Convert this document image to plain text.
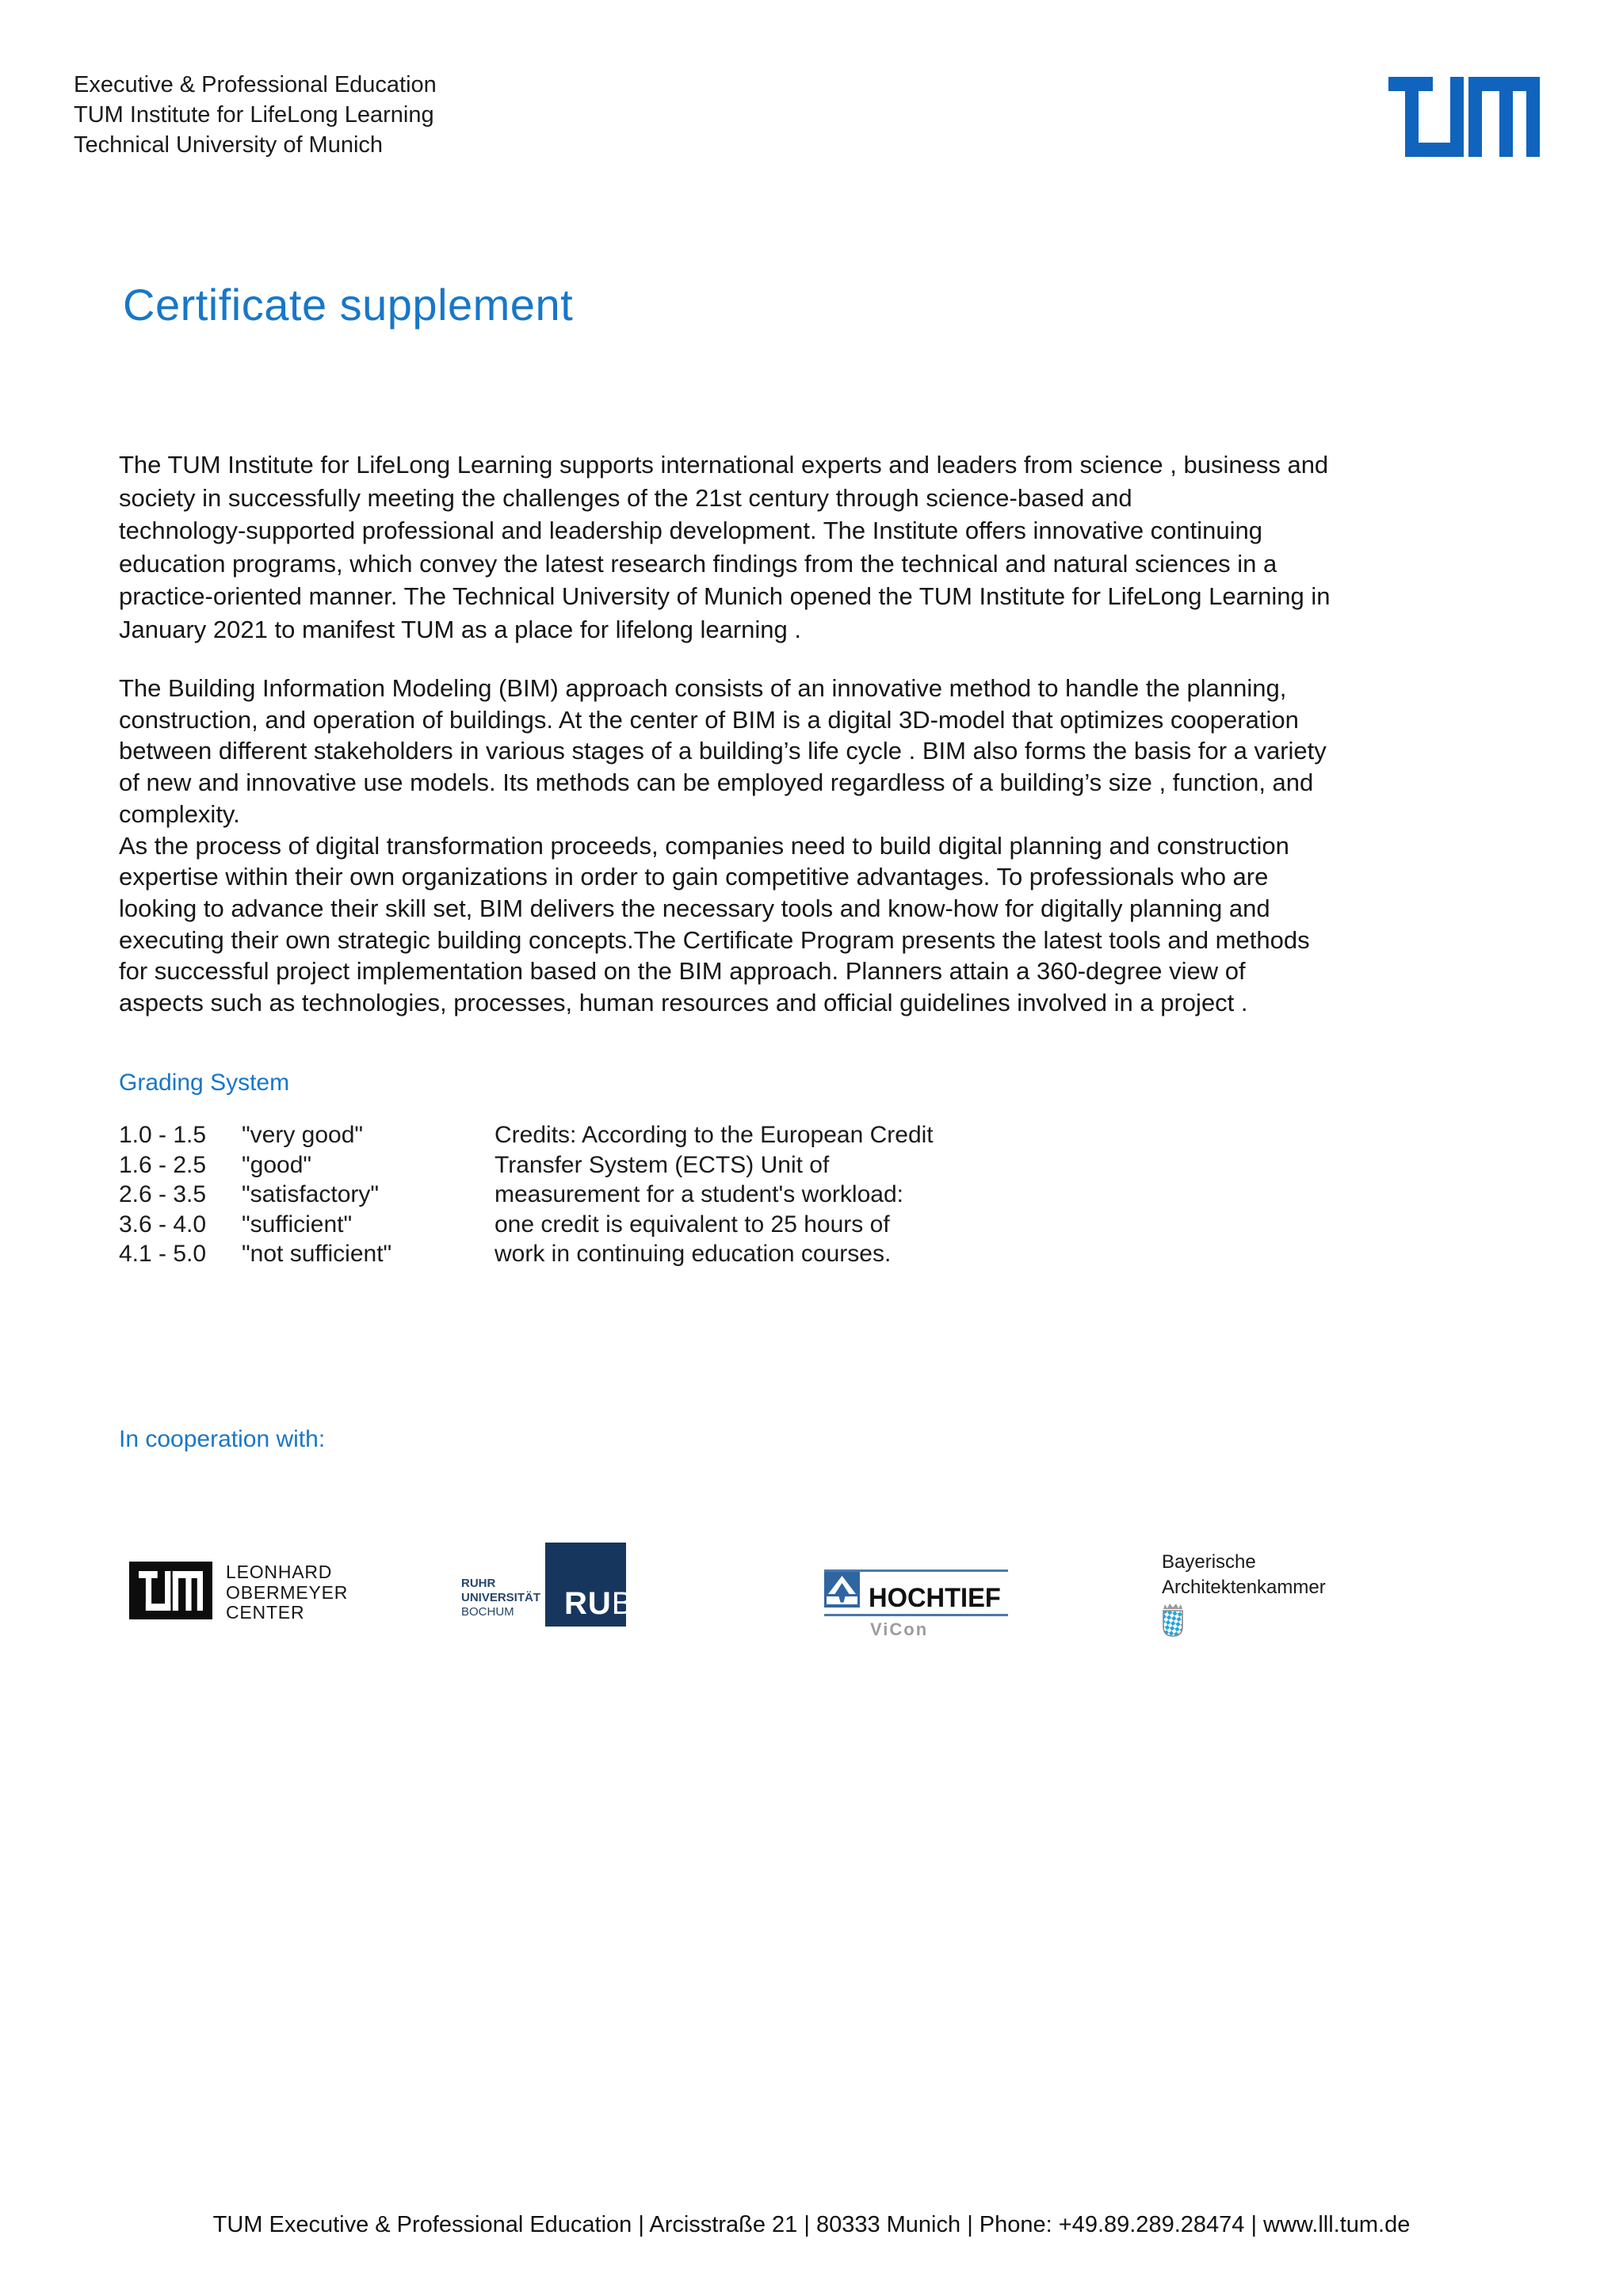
Executive & Professional Education
TUM Institute for LifeLong Learning
Technical University of Munich
Certificate supplement
The TUM Institute for LifeLong Learning supports international experts and leaders from science , business and
society in successfully meeting the challenges of the 21st century through science-based and
technology-supported professional and leadership development. The Institute offers innovative continuing
education programs, which convey the latest research findings from the technical and natural sciences in a
practice-oriented manner. The Technical University of Munich opened the TUM Institute for LifeLong Learning in
January 2021 to manifest TUM as a place for lifelong learning .
The Building Information Modeling (BIM) approach consists of an innovative method to handle the planning,
construction, and operation of buildings. At the center of BIM is a digital 3D-model that optimizes cooperation
between different stakeholders in various stages of a building’s life cycle . BIM also forms the basis for a variety
of new and innovative use models. Its methods can be employed regardless of a building’s size , function, and
complexity.
As the process of digital transformation proceeds, companies need to build digital planning and construction
expertise within their own organizations in order to gain competitive advantages. To professionals who are
looking to advance their skill set, BIM delivers the necessary tools and know-how for digitally planning and
executing their own strategic building concepts.The Certificate Program presents the latest tools and methods
for successful project implementation based on the BIM approach. Planners attain a 360-degree view of
aspects such as technologies, processes, human resources and official guidelines involved in a project .
Grading System
1.0 - 1.5 "very good"
1.6 - 2.5 "good"
2.6 - 3.5 "satisfactory"
3.6 - 4.0 "sufficient"
4.1 - 5.0 "not sufficient"
Credits: According to the European Credit
Transfer System (ECTS) Unit of
measurement for a student's workload:
one credit is equivalent to 25 hours of
work in continuing education courses.
In cooperation with:
LEONHARD
OBERMEYER
CENTER
RUHR
UNIVERSITÄT
BOCHUM	RUB	HOCHTIEF
ViCon
Bayerische
Architektenkammer
TUM Executive & Professional Education | Arcisstraße 21 | 80333 Munich | Phone: +49.89.289.28474 | www.lll.tum.de
